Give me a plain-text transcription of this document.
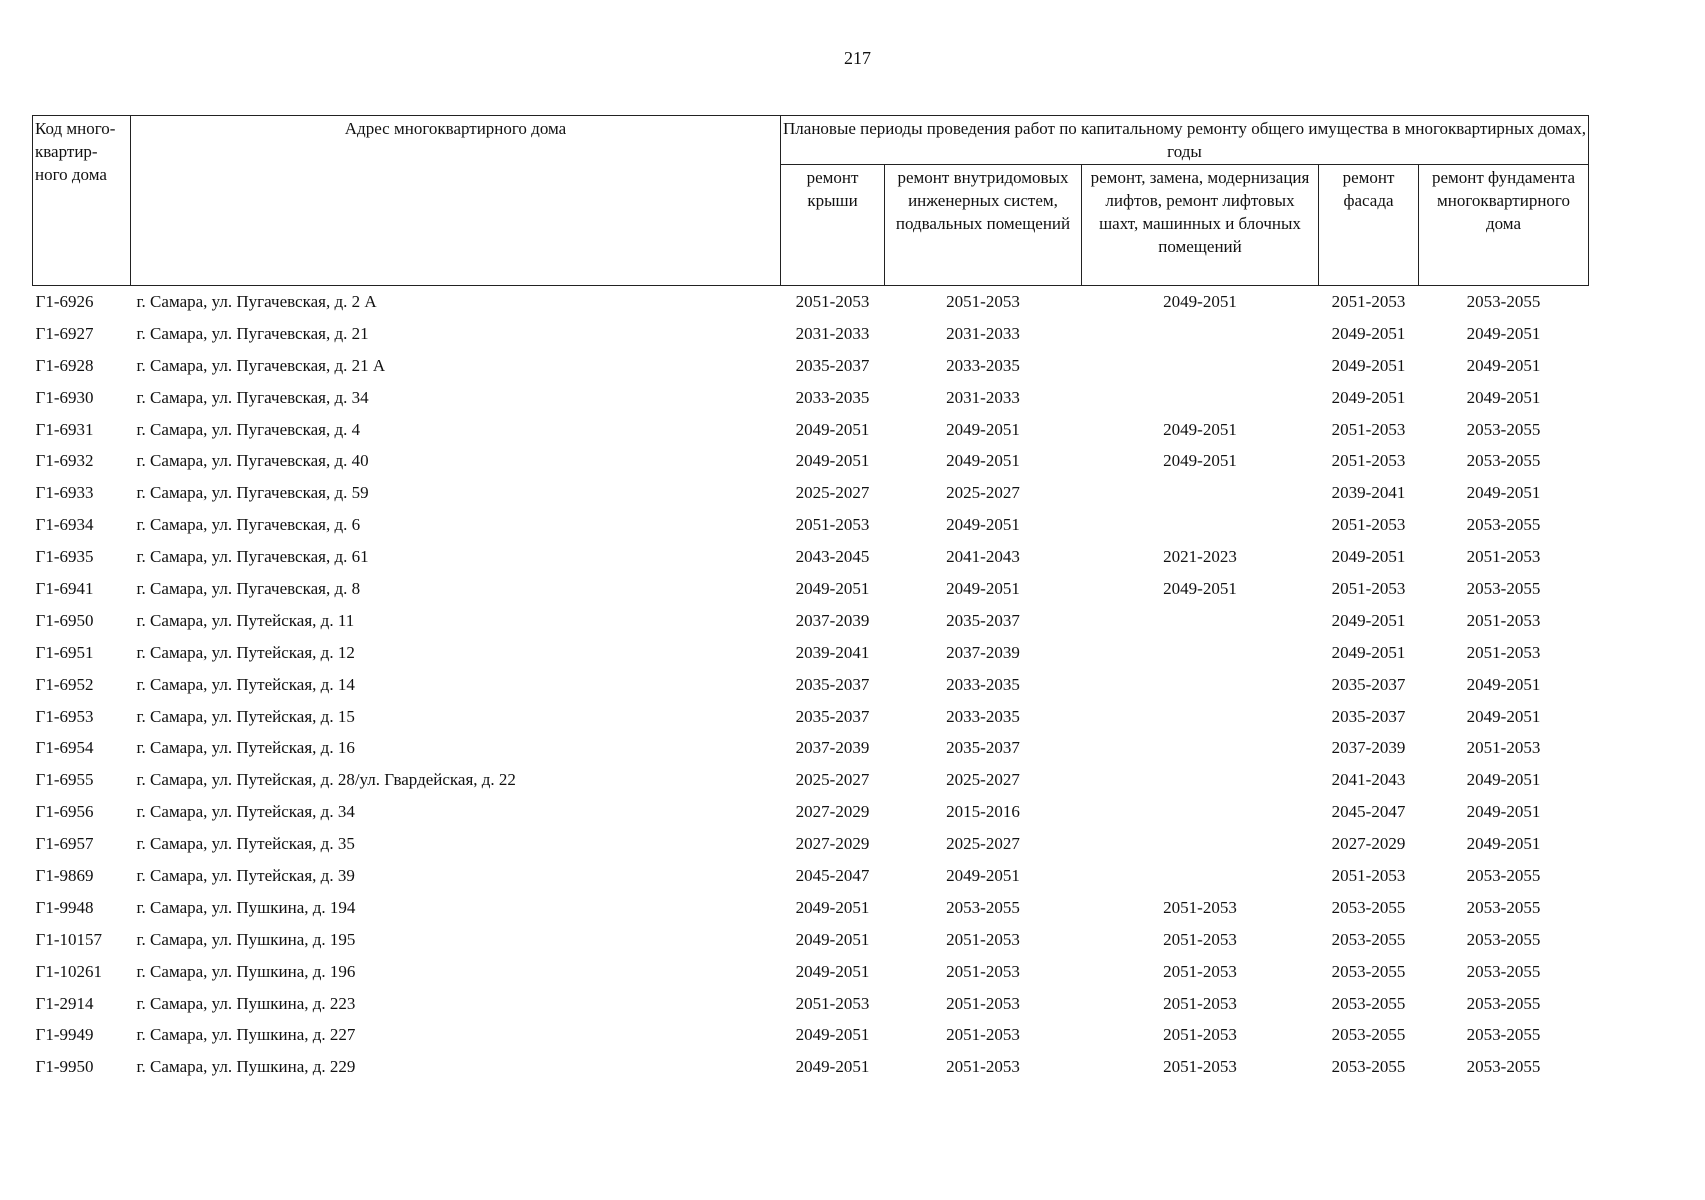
217
Код много-квартир-ного дома	Адрес многоквартирного дома	Плановые периоды проведения работ по капитальному ремонту общего имущества в многоквартирных домах, годы				
		ремонт крыши	ремонт внутридомовых инженерных систем, подвальных помещений	ремонт, замена, модернизация лифтов, ремонт лифтовых шахт, машинных и блочных помещений	ремонт фасада	ремонт фундамента многоквартирного дома
Г1-6926	г. Самара, ул. Пугачевская, д. 2 А	2051-2053	2051-2053	2049-2051	2051-2053	2053-2055
Г1-6927	г. Самара, ул. Пугачевская, д. 21	2031-2033	2031-2033		2049-2051	2049-2051
Г1-6928	г. Самара, ул. Пугачевская, д. 21 А	2035-2037	2033-2035		2049-2051	2049-2051
Г1-6930	г. Самара, ул. Пугачевская, д. 34	2033-2035	2031-2033		2049-2051	2049-2051
Г1-6931	г. Самара, ул. Пугачевская, д. 4	2049-2051	2049-2051	2049-2051	2051-2053	2053-2055
Г1-6932	г. Самара, ул. Пугачевская, д. 40	2049-2051	2049-2051	2049-2051	2051-2053	2053-2055
Г1-6933	г. Самара, ул. Пугачевская, д. 59	2025-2027	2025-2027		2039-2041	2049-2051
Г1-6934	г. Самара, ул. Пугачевская, д. 6	2051-2053	2049-2051		2051-2053	2053-2055
Г1-6935	г. Самара, ул. Пугачевская, д. 61	2043-2045	2041-2043	2021-2023	2049-2051	2051-2053
Г1-6941	г. Самара, ул. Пугачевская, д. 8	2049-2051	2049-2051	2049-2051	2051-2053	2053-2055
Г1-6950	г. Самара, ул. Путейская, д. 11	2037-2039	2035-2037		2049-2051	2051-2053
Г1-6951	г. Самара, ул. Путейская, д. 12	2039-2041	2037-2039		2049-2051	2051-2053
Г1-6952	г. Самара, ул. Путейская, д. 14	2035-2037	2033-2035		2035-2037	2049-2051
Г1-6953	г. Самара, ул. Путейская, д. 15	2035-2037	2033-2035		2035-2037	2049-2051
Г1-6954	г. Самара, ул. Путейская, д. 16	2037-2039	2035-2037		2037-2039	2051-2053
Г1-6955	г. Самара, ул. Путейская, д. 28/ул. Гвардейская, д. 22	2025-2027	2025-2027		2041-2043	2049-2051
Г1-6956	г. Самара, ул. Путейская, д. 34	2027-2029	2015-2016		2045-2047	2049-2051
Г1-6957	г. Самара, ул. Путейская, д. 35	2027-2029	2025-2027		2027-2029	2049-2051
Г1-9869	г. Самара, ул. Путейская, д. 39	2045-2047	2049-2051		2051-2053	2053-2055
Г1-9948	г. Самара, ул. Пушкина, д. 194	2049-2051	2053-2055	2051-2053	2053-2055	2053-2055
Г1-10157	г. Самара, ул. Пушкина, д. 195	2049-2051	2051-2053	2051-2053	2053-2055	2053-2055
Г1-10261	г. Самара, ул. Пушкина, д. 196	2049-2051	2051-2053	2051-2053	2053-2055	2053-2055
Г1-2914	г. Самара, ул. Пушкина, д. 223	2051-2053	2051-2053	2051-2053	2053-2055	2053-2055
Г1-9949	г. Самара, ул. Пушкина, д. 227	2049-2051	2051-2053	2051-2053	2053-2055	2053-2055
Г1-9950	г. Самара, ул. Пушкина, д. 229	2049-2051	2051-2053	2051-2053	2053-2055	2053-2055
